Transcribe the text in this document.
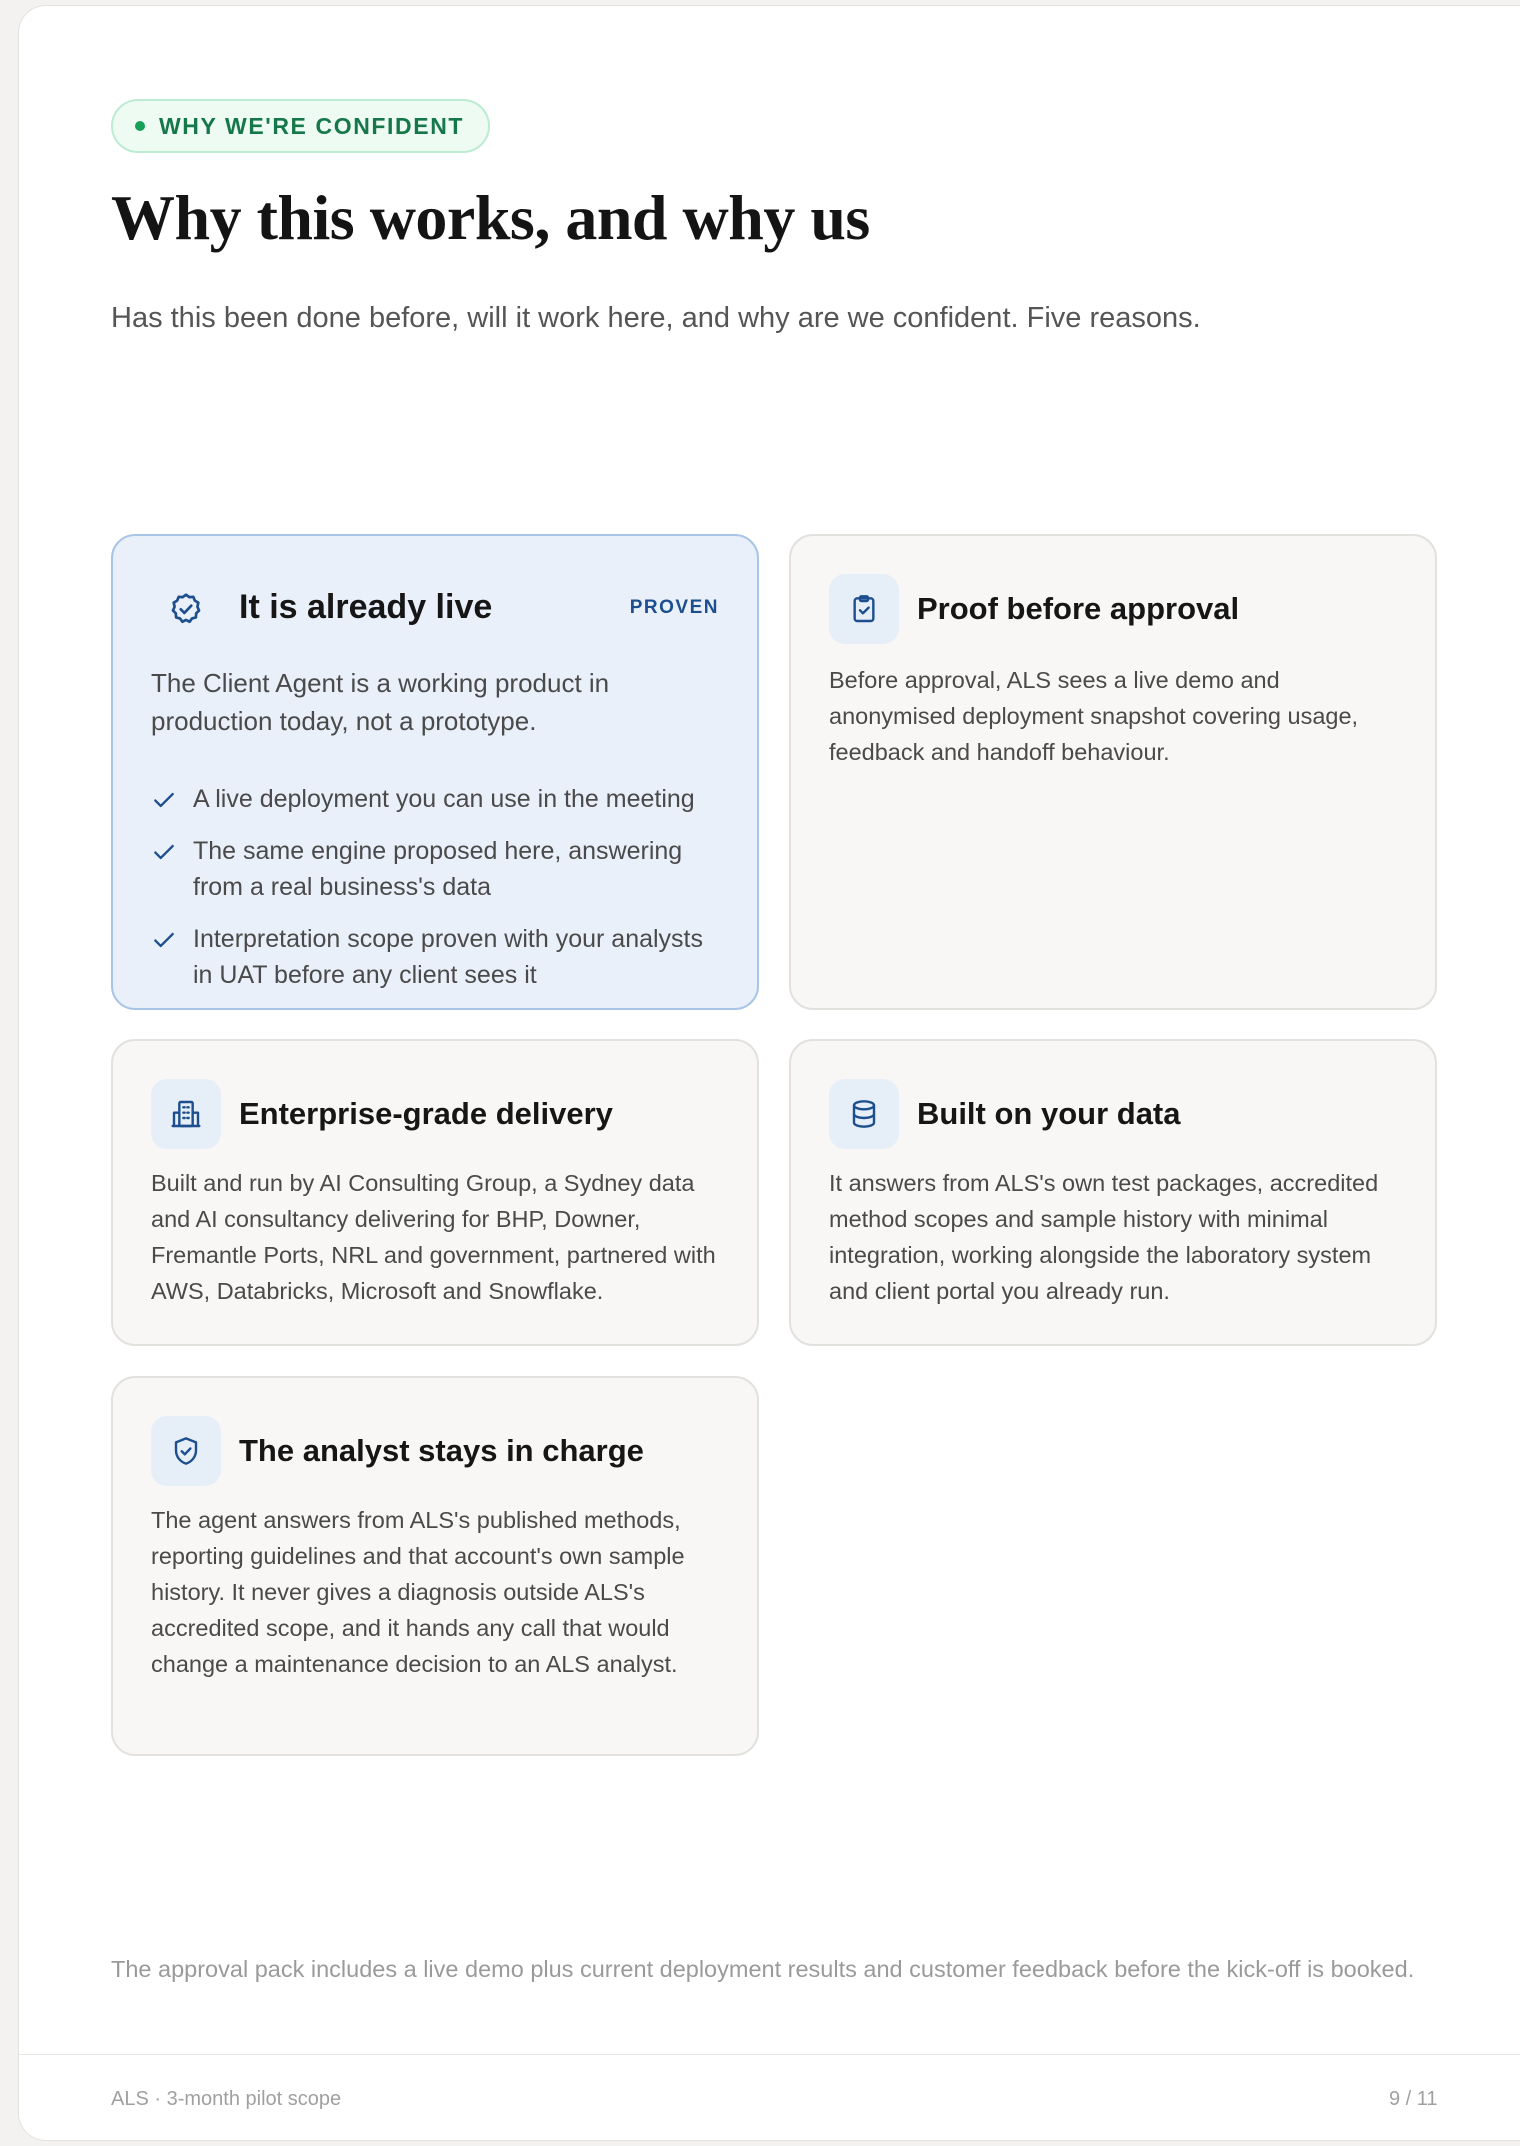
WHY WE'RE CONFIDENT
Why this works, and why us

Has this been done before, will it work here, and why are we confident. Five reasons.

It is already live	PROVEN

The Client Agent is a working product in production today, not a prototype.

A live deployment you can use in the meeting
The same engine proposed here, answering from a real business's data
Interpretation scope proven with your analysts in UAT before any client sees it
Proof before approval

Before approval, ALS sees a live demo and anonymised deployment snapshot covering usage, feedback and handoff behaviour.

Enterprise-grade delivery

Built and run by AI Consulting Group, a Sydney data and AI consultancy delivering for BHP, Downer, Fremantle Ports, NRL and government, partnered with AWS, Databricks, Microsoft and Snowflake.

Built on your data

It answers from ALS's own test packages, accredited method scopes and sample history with minimal integration, working alongside the laboratory system and client portal you already run.

The analyst stays in charge

The agent answers from ALS's published methods, reporting guidelines and that account's own sample history. It never gives a diagnosis outside ALS's accredited scope, and it hands any call that would change a maintenance decision to an ALS analyst.

The approval pack includes a live demo plus current deployment results and customer feedback before the kick-off is booked.

ALS · 3-month pilot scope	9 / 11
